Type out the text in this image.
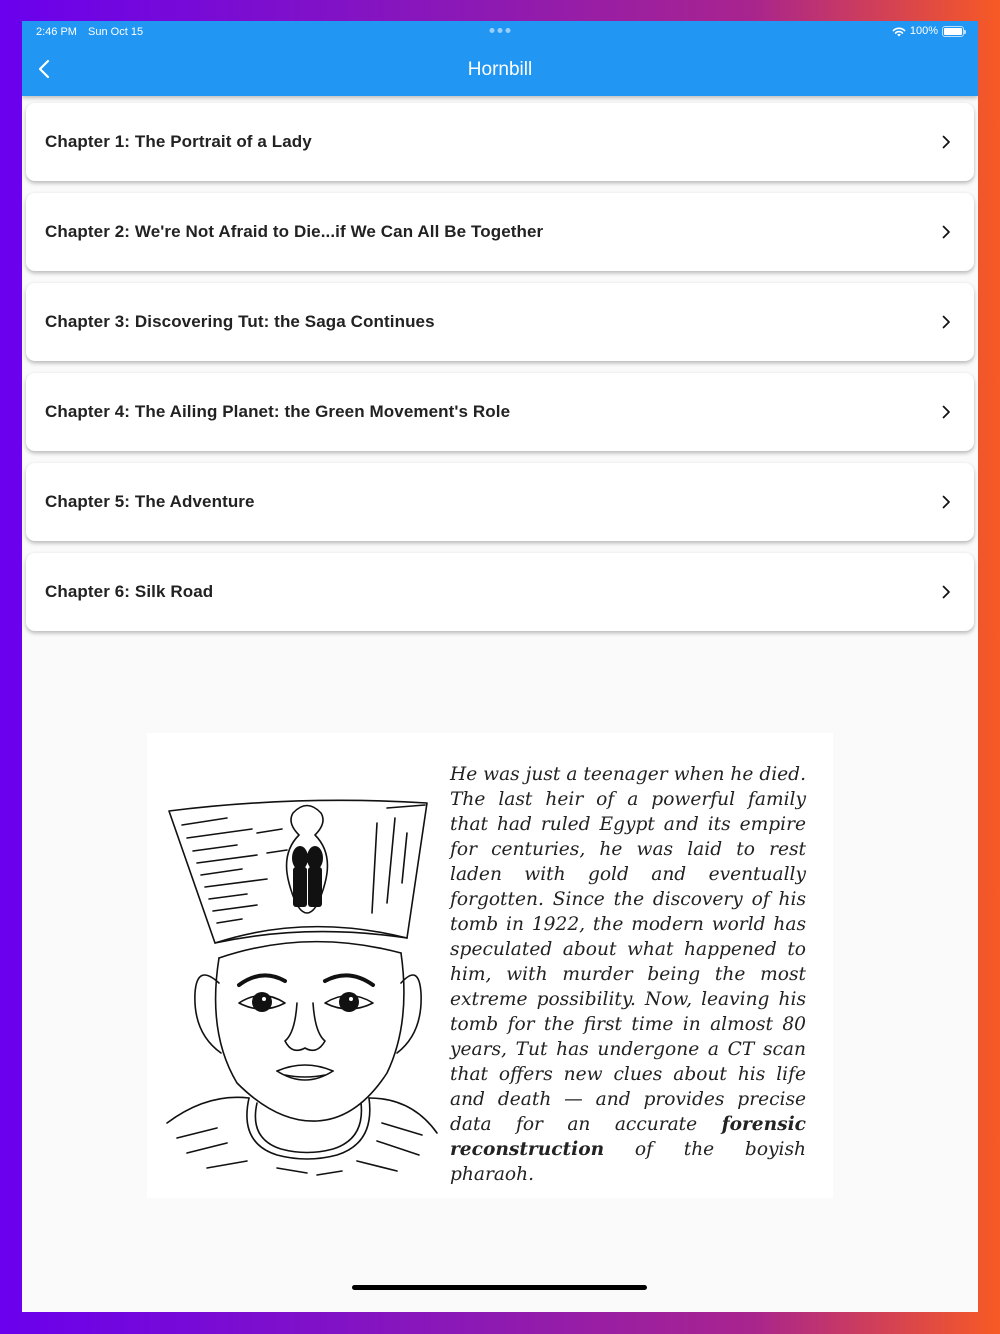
2:46 PM Sun Oct 15	100%
Hornbill
Chapter 1: The Portrait of a Lady
Chapter 2: We're Not Afraid to Die...if We Can All Be Together
Chapter 3: Discovering Tut: the Saga Continues
Chapter 4: The Ailing Planet: the Green Movement's Role
Chapter 5: The Adventure
Chapter 6: Silk Road

He was just a teenager when he died. The last heir of a powerful family that had ruled Egypt and its empire for centuries, he was laid to rest laden with gold and eventually forgotten. Since the discovery of his tomb in 1922, the modern world has speculated about what happened to him, with murder being the most extreme possibility. Now, leaving his tomb for the first time in almost 80 years, Tut has undergone a CT scan that offers new clues about his life and death — and provides precise data for an accurate forensic reconstruction of the boyish pharaoh.
